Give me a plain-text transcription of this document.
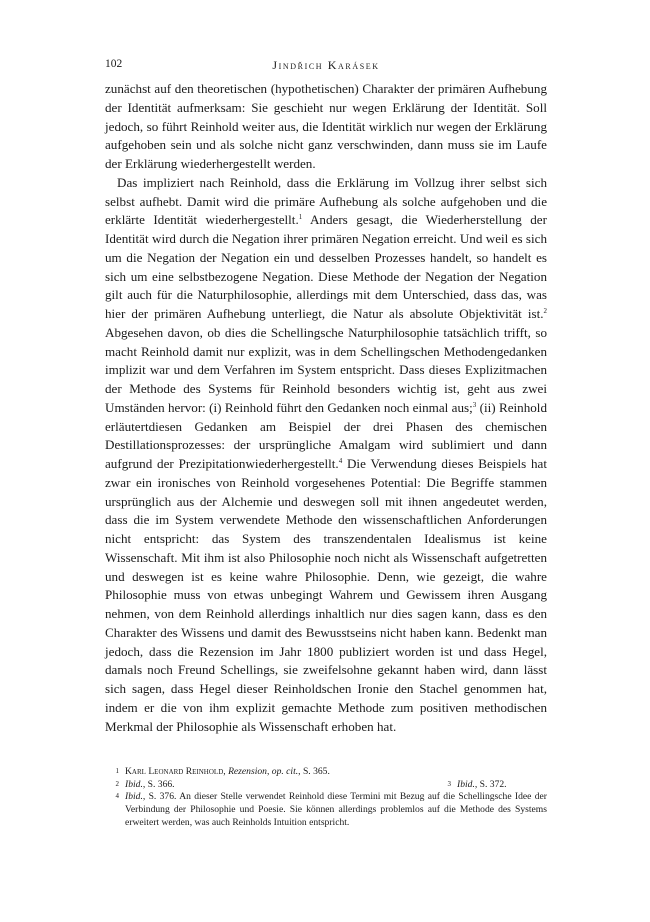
102	Jindřich Karásek

zunächst auf den theoretischen (hypothetischen) Charakter der primären Aufhebung der Identität aufmerksam: Sie geschieht nur wegen Erklärung der Identität. Soll jedoch, so führt Reinhold weiter aus, die Identität wirklich nur wegen der Erklärung aufgehoben sein und als solche nicht ganz verschwinden, dann muss sie im Laufe der Erklärung wiederhergestellt werden.

Das impliziert nach Reinhold, dass die Erklärung im Vollzug ihrer selbst sich selbst aufhebt. Damit wird die primäre Aufhebung als solche aufgehoben und die erklärte Identität wiederhergestellt.$^1$ Anders gesagt, die Wiederherstellung der Identität wird durch die Negation ihrer primären Negation erreicht. Und weil es sich um die Negation der Negation ein und desselben Prozesses handelt, so handelt es sich um eine selbstbezogene Negation. Diese Methode der Negation der Negation gilt auch für die Naturphilosophie, allerdings mit dem Unterschied, dass das, was hier der primären Aufhebung unterliegt, die Natur als absolute Objektivität ist.$^2$ Abgesehen davon, ob dies die Schellingsche Naturphilosophie tatsächlich trifft, so macht Reinhold damit nur explizit, was in dem Schellingschen Methodengedanken implizit war und dem Verfahren im System entspricht. Dass dieses Explizitmachen der Methode des Systems für Reinhold besonders wichtig ist, geht aus zwei Umständen hervor: (i) Reinhold führt den Gedanken noch einmal aus;$^3$ (ii) Reinhold erläutertdiesen Gedanken am Beispiel der drei Phasen des chemischen Destillationsprozesses: der ursprüngliche Amalgam wird sublimiert und dann aufgrund der Prezipitationwiederhergestellt.$^4$ Die Verwendung dieses Beispiels hat zwar ein ironisches von Reinhold vorgesehenes Potential: Die Begriffe stammen ursprünglich aus der Alchemie und deswegen soll mit ihnen angedeutet werden, dass die im System verwendete Methode den wissenschaftlichen Anforderungen nicht entspricht: das System des transzendentalen Idealismus ist keine Wissenschaft. Mit ihm ist also Philosophie noch nicht als Wissenschaft aufgetretten und deswegen ist es keine wahre Philosophie. Denn, wie gezeigt, die wahre Philosophie muss von etwas unbegingt Wahrem und Gewissem ihren Ausgang nehmen, von dem Reinhold allerdings inhaltlich nur dies sagen kann, dass es den Charakter des Wissens und damit des Bewusstseins nicht haben kann. Bedenkt man jedoch, dass die Rezension im Jahr 1800 publiziert worden ist und dass Hegel, damals noch Freund Schellings, sie zweifelsohne gekannt haben wird, dann lässt sich sagen, dass Hegel dieser Reinholdschen Ironie den Stachel genommen hat, indem er die von ihm explizit gemachte Methode zum positiven methodischen Merkmal der Philosophie als Wissenschaft erhoben hat.

1 Karl Leonard Reinhold, Rezension, op. cit., S. 365.
2 Ibid., S. 366.	3 Ibid., S. 372.
4 Ibid., S. 376. An dieser Stelle verwendet Reinhold diese Termini mit Bezug auf die Schellingsche Idee der Verbindung der Philosophie und Poesie. Sie können allerdings problemlos auf die Methode des Systems erweitert werden, was auch Reinholds Intuition entspricht.
